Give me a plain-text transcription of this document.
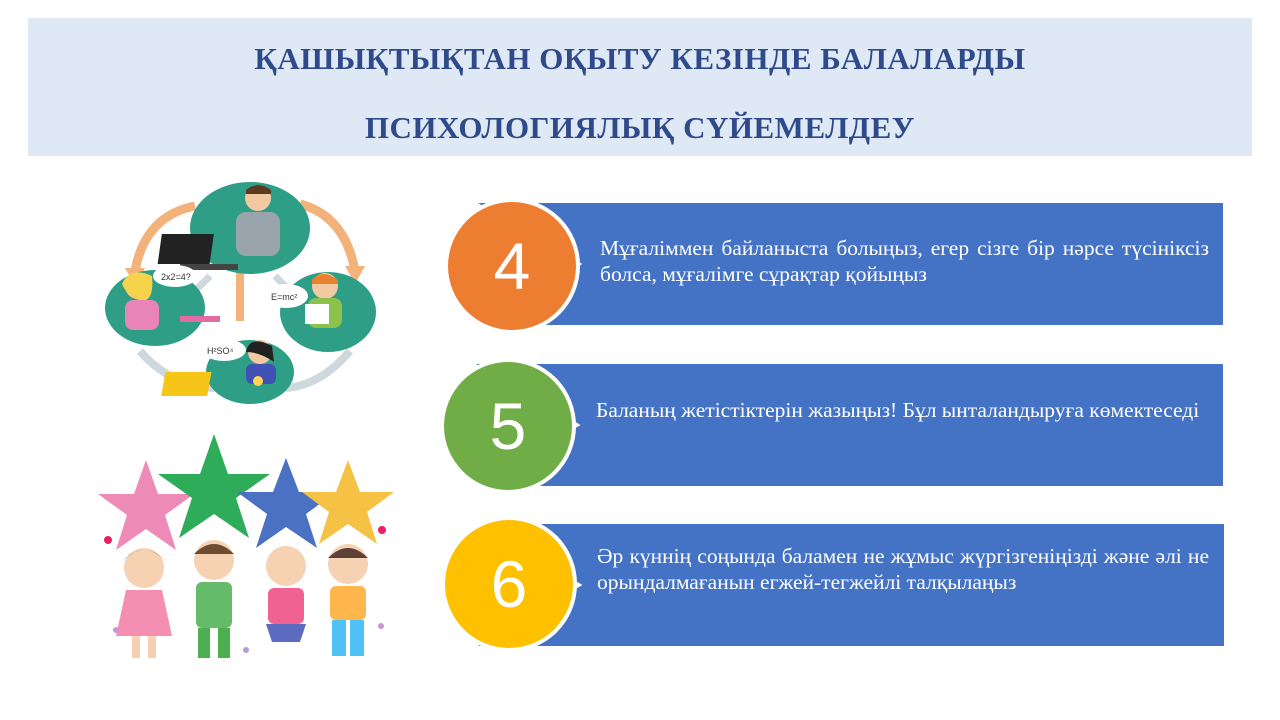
ҚАШЫҚТЫҚТАН ОҚЫТУ КЕЗІНДЕ БАЛАЛАРДЫ
ПСИХОЛОГИЯЛЫҚ СҮЙЕМЕЛДЕУ
2x2=4?
E=mc²
H²SO⁴
Мұғаліммен байланыста болыңыз, егер сізге бір нәрсе түсініксіз болса, мұғалімге сұрақтар қойыңыз
4
Баланың жетістіктерін жазыңыз! Бұл ынталандыруға көмектеседі
5
Әр күннің соңында баламен не жұмыс жүргізгеніңізді және әлі не орындалмағанын егжей-тегжейлі талқылаңыз
6
